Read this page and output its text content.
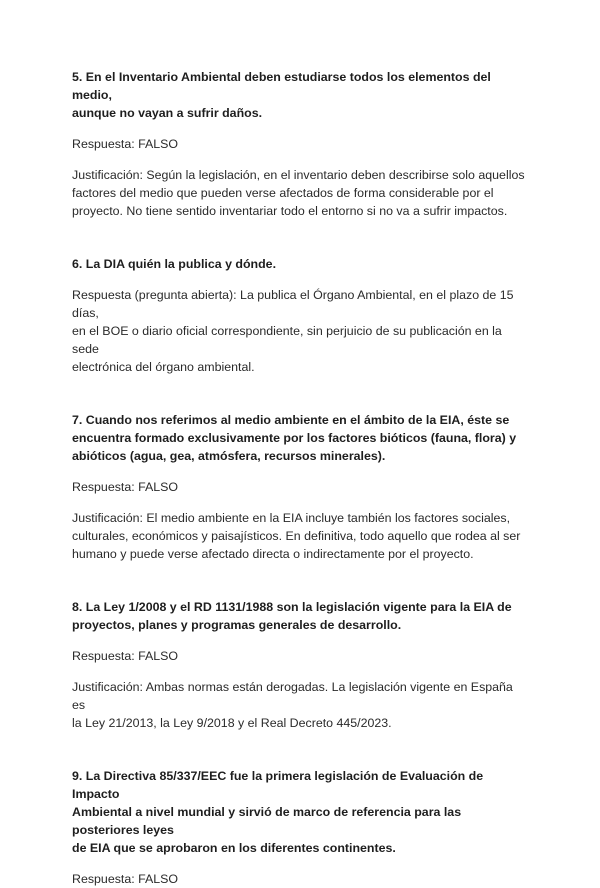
5. En el Inventario Ambiental deben estudiarse todos los elementos del medio,
aunque no vayan a sufrir daños.
Respuesta: FALSO
Justificación: Según la legislación, en el inventario deben describirse solo aquellos
factores del medio que pueden verse afectados de forma considerable por el
proyecto. No tiene sentido inventariar todo el entorno si no va a sufrir impactos.
6. La DIA quién la publica y dónde.
Respuesta (pregunta abierta): La publica el Órgano Ambiental, en el plazo de 15 días,
en el BOE o diario oficial correspondiente, sin perjuicio de su publicación en la sede
electrónica del órgano ambiental.
7. Cuando nos referimos al medio ambiente en el ámbito de la EIA, éste se
encuentra formado exclusivamente por los factores bióticos (fauna, flora) y
abióticos (agua, gea, atmósfera, recursos minerales).
Respuesta: FALSO
Justificación: El medio ambiente en la EIA incluye también los factores sociales,
culturales, económicos y paisajísticos. En definitiva, todo aquello que rodea al ser
humano y puede verse afectado directa o indirectamente por el proyecto.
8. La Ley 1/2008 y el RD 1131/1988 son la legislación vigente para la EIA de
proyectos, planes y programas generales de desarrollo.
Respuesta: FALSO
Justificación: Ambas normas están derogadas. La legislación vigente en España es
la Ley 21/2013, la Ley 9/2018 y el Real Decreto 445/2023.
9. La Directiva 85/337/EEC fue la primera legislación de Evaluación de Impacto
Ambiental a nivel mundial y sirvió de marco de referencia para las posteriores leyes
de EIA que se aprobaron en los diferentes continentes.
Respuesta: FALSO
